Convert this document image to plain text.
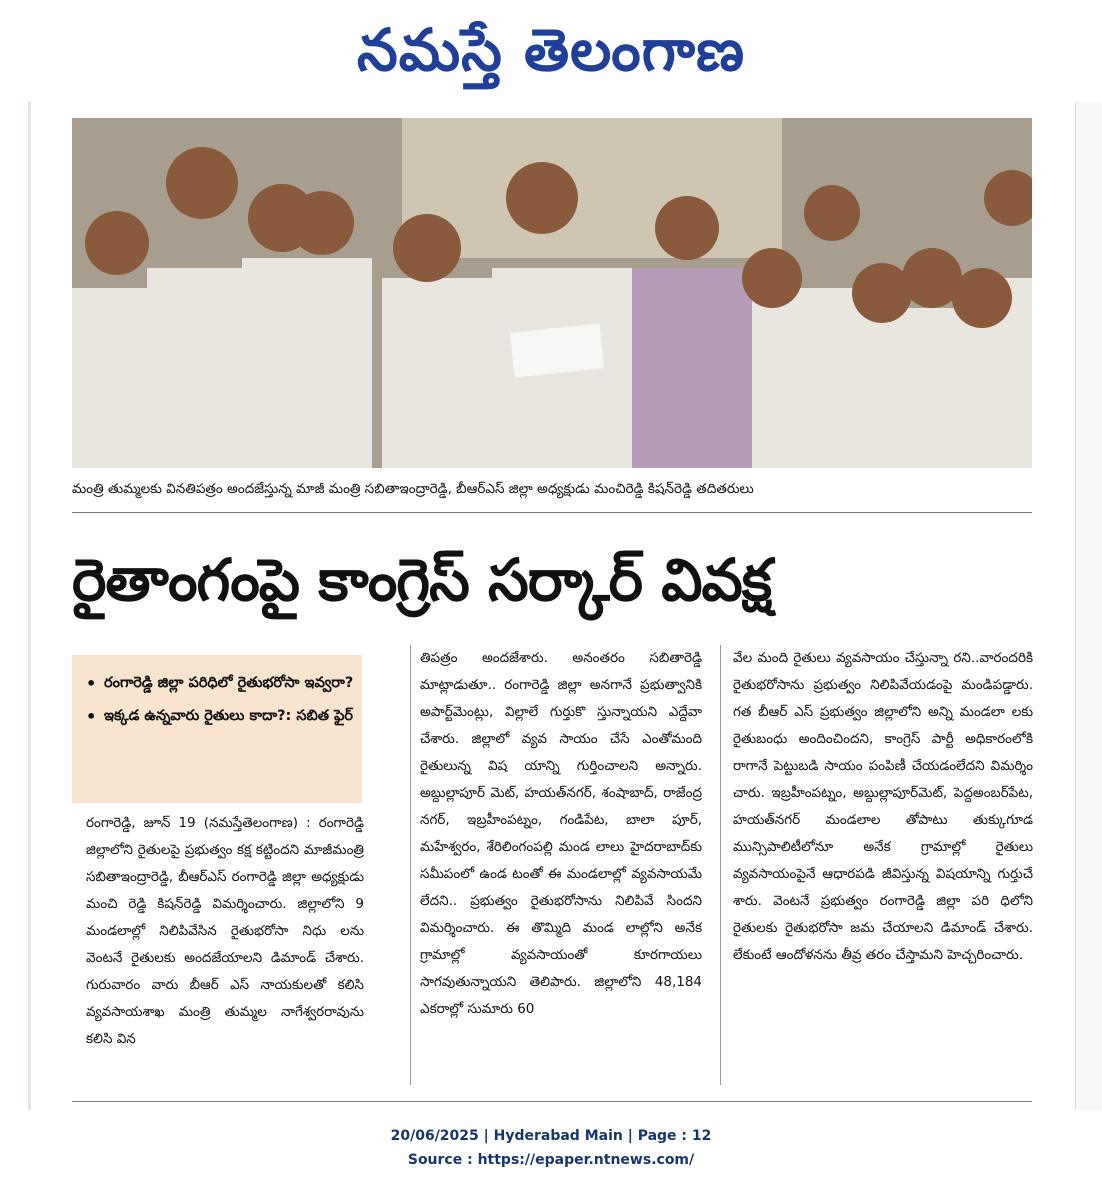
నమస్తే తెలంగాణ
మంత్రి తుమ్మలకు వినతిపత్రం అందజేస్తున్న మాజీ మంత్రి సబితాఇంద్రారెడ్డి, బీఆర్ఎస్ జిల్లా అధ్యక్షుడు మంచిరెడ్డి కిషన్‌రెడ్డి తదితరులు
రైతాంగంపై కాంగ్రెస్ సర్కార్ వివక్ష
• రంగారెడ్డి జిల్లా పరిధిలో రైతుభరోసా ఇవ్వరా?
• ఇక్కడ ఉన్నవారు రైతులు కాదా?: సబిత ఫైర్
రంగారెడ్డి, జూన్ 19 (నమస్తేతెలంగాణ) : రంగారెడ్డి జిల్లాలోని రైతులపై ప్రభుత్వం కక్ష కట్టిందని మాజీమంత్రి సబితాఇంద్రారెడ్డి, బీఆర్ఎస్ రంగారెడ్డి జిల్లా అధ్యక్షుడు మంచి రెడ్డి కిషన్‌రెడ్డి విమర్శించారు. జిల్లాలోని 9 మండలాల్లో నిలిపివేసిన రైతుభరోసా నిధు లను వెంటనే రైతులకు అందజేయాలని డిమాండ్ చేశారు. గురువారం వారు బీఆర్ ఎస్ నాయకులతో కలిసి వ్యవసాయశాఖ మంత్రి తుమ్మల నాగేశ్వరరావును కలిసి విన
తిపత్రం అందజేశారు. అనంతరం సబితారెడ్డి మాట్లాడుతూ.. రంగారెడ్డి జిల్లా అనగానే ప్రభుత్వానికి అపార్ట్‌మెంట్లు, విల్లాలే గుర్తుకొ స్తున్నాయని ఎద్దేవా చేశారు. జిల్లాలో వ్యవ సాయం చేసే ఎంతోమంది రైతులున్న విష యాన్ని గుర్తించాలని అన్నారు. అబ్దుల్లాపూర్ మెట్, హయత్‌నగర్, శంషాబాద్, రాజేంద్ర నగర్, ఇబ్రహీంపట్నం, గండిపేట, బాలా పూర్, మహేశ్వరం, శేరిలింగంపల్లి మండ లాలు హైదరాబాద్‌కు సమీపంలో ఉండ టంతో ఈ మండలాల్లో వ్యవసాయమే లేదని.. ప్రభుత్వం రైతుభరోసాను నిలిపివే సిందని విమర్శించారు. ఈ తొమ్మిది మండ లాల్లోని అనేక గ్రామాల్లో వ్యవసాయంతో కూరగాయలు సాగవుతున్నాయని తెలిపారు. జిల్లాలోని 48,184 ఎకరాల్లో సుమారు 60
వేల మంది రైతులు వ్యవసాయం చేస్తున్నా రని..వారందరికి రైతుభరోసాను ప్రభుత్వం నిలిపివేయడంపై మండిపడ్డారు. గత బీఆర్ ఎస్ ప్రభుత్వం జిల్లాలోని అన్ని మండలా లకు రైతుబంధు అందించిందని, కాంగ్రెస్ పార్టీ అధికారంలోకి రాగానే పెట్టుబడి సాయం పంపిణీ చేయడంలేదని విమర్శిం చారు. ఇబ్రహీంపట్నం, అబ్దుల్లాపూర్‌మెట్, పెద్దఅంబర్‌పేట, హయత్‌నగర్ మండలాల తోపాటు తుక్కుగూడ మున్సిపాలిటీలోనూ అనేక గ్రామాల్లో రైతులు వ్యవసాయంపైనే ఆధారపడి జీవిస్తున్న విషయాన్ని గుర్తుచే శారు. వెంటనే ప్రభుత్వం రంగారెడ్డి జిల్లా పరి ధిలోని రైతులకు రైతుభరోసా జమ చేయాలని డిమాండ్ చేశారు. లేకుంటే ఆందోళనను తీవ్ర తరం చేస్తామని హెచ్చరించారు.
20/06/2025 | Hyderabad Main | Page : 12
Source : https://epaper.ntnews.com/
